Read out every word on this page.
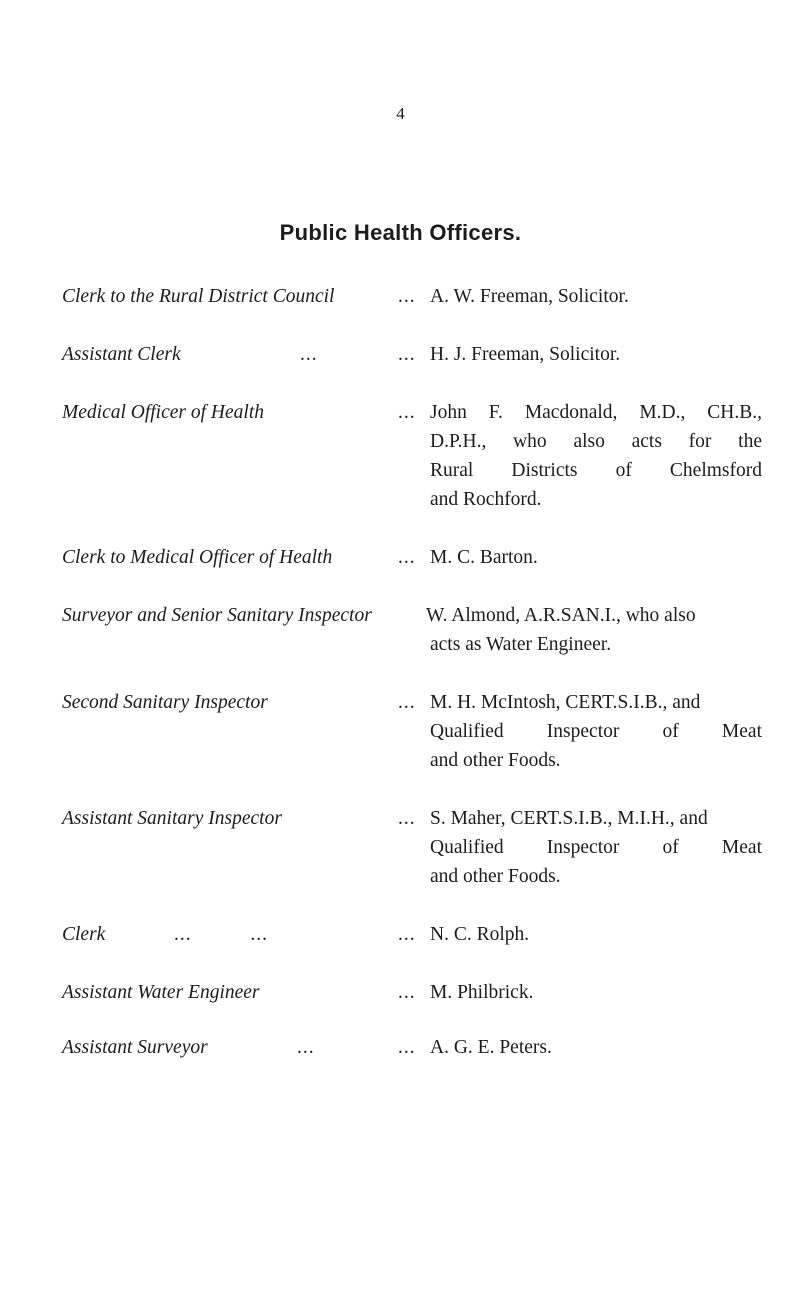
4
Public Health Officers.
Clerk to the Rural District Council	... A. W. Freeman, Solicitor.
Assistant Clerk	...	... H. J. Freeman, Solicitor.
Medical Officer of Health	... John F. Macdonald, M.D., CH.B.,
D.P.H., who also acts for the
Rural Districts of Chelmsford
and Rochford.
Clerk to Medical Officer of Health	... M. C. Barton.
Surveyor and Senior Sanitary Inspector	W. Almond, A.R.SAN.I., who also
acts as Water Engineer.
Second Sanitary Inspector	... M. H. McIntosh, CERT.S.I.B., and
Qualified Inspector of Meat
and other Foods.
Assistant Sanitary Inspector	... S. Maher, CERT.S.I.B., M.I.H., and
Qualified Inspector of Meat
and other Foods.
Clerk	...          ...	... N. C. Rolph.
Assistant Water Engineer	... M. Philbrick.
Assistant Surveyor	...	... A. G. E. Peters.
